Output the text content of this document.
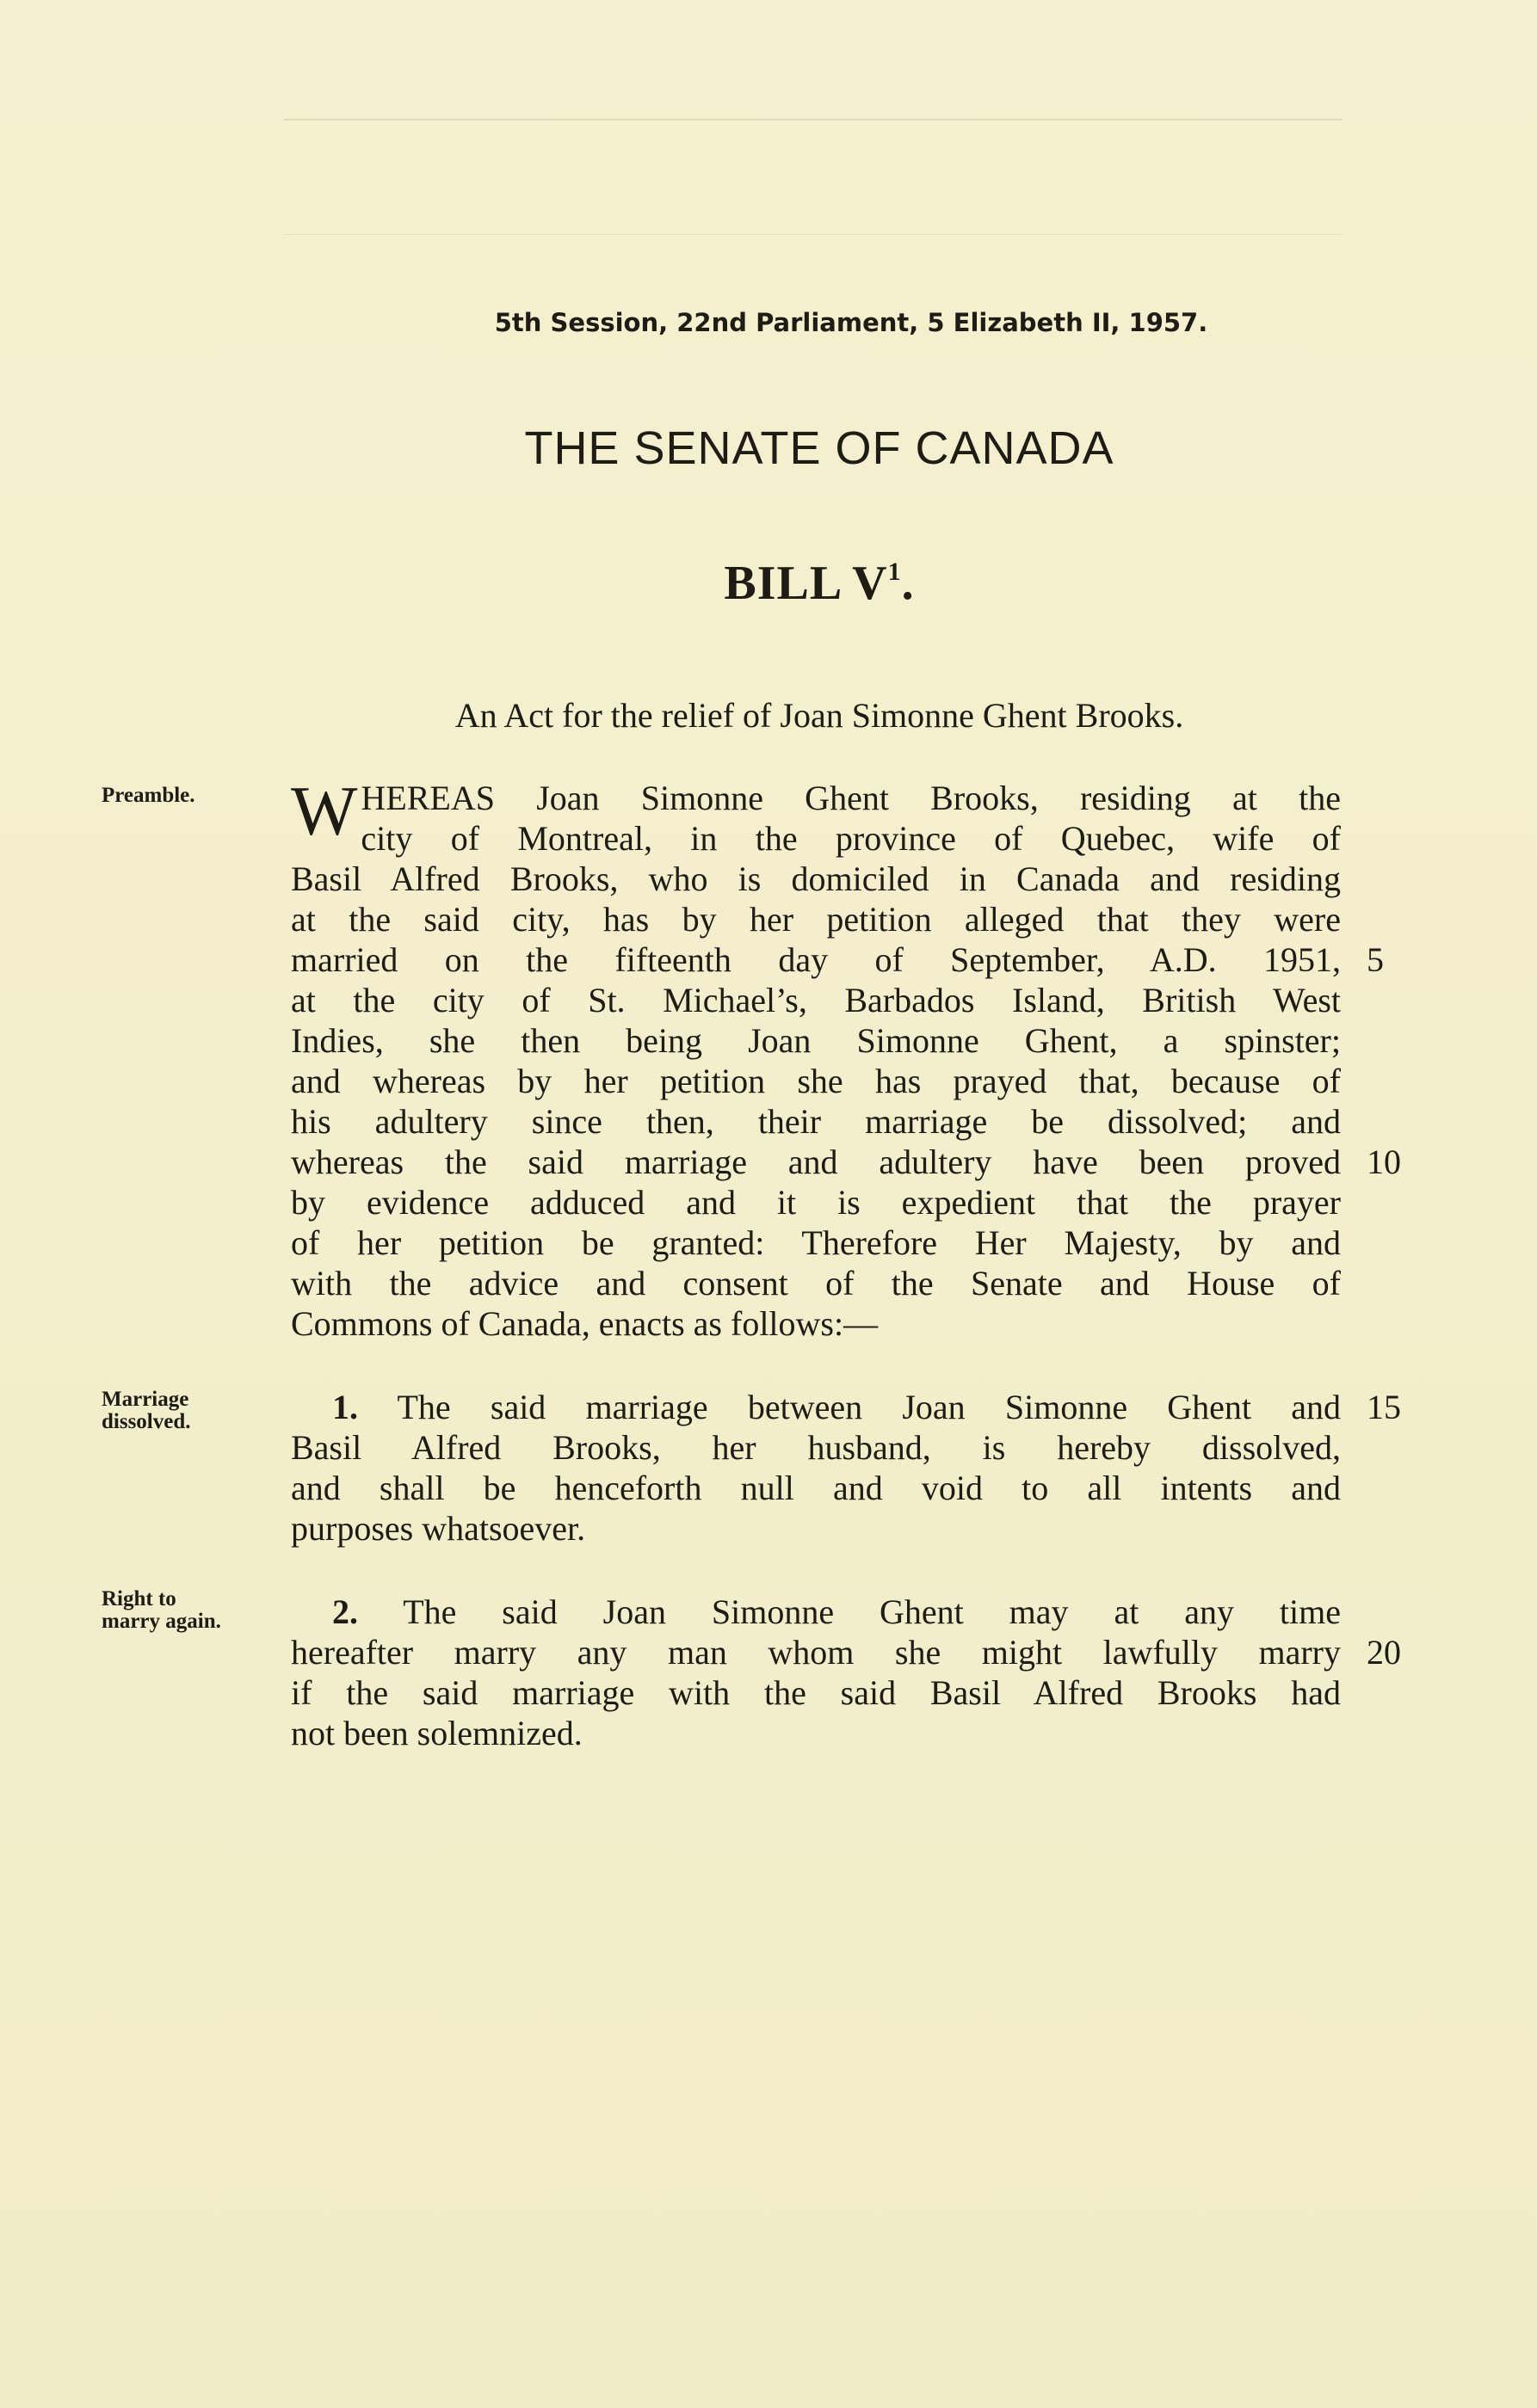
5th Session, 22nd Parliament, 5 Elizabeth II, 1957.
THE SENATE OF CANADA
BILL $V^1$.
An Act for the relief of Joan Simonne Ghent Brooks.
Preamble.	W HEREAS Joan Simonne Ghent Brooks, residing at the
city of Montreal, in the province of Quebec, wife of
Basil Alfred Brooks, who is domiciled in Canada and residing
at the said city, has by her petition alleged that they were
married on the fifteenth day of September, A.D. 1951,
at the city of St. Michael’s, Barbados Island, British West
Indies, she then being Joan Simonne Ghent, a spinster;
and whereas by her petition she has prayed that, because of
his adultery since then, their marriage be dissolved; and
whereas the said marriage and adultery have been proved
by evidence adduced and it is expedient that the prayer
of her petition be granted: Therefore Her Majesty, by and
with the advice and consent of the Senate and House of
Commons of Canada, enacts as follows:—
5
10
Marriage
dissolved.	1. The said marriage between Joan Simonne Ghent and
Basil Alfred Brooks, her husband, is hereby dissolved,
and shall be henceforth null and void to all intents and
purposes whatsoever.
15
Right to
marry again.	2. The said Joan Simonne Ghent may at any time
hereafter marry any man whom she might lawfully marry
if the said marriage with the said Basil Alfred Brooks had
not been solemnized.
20
